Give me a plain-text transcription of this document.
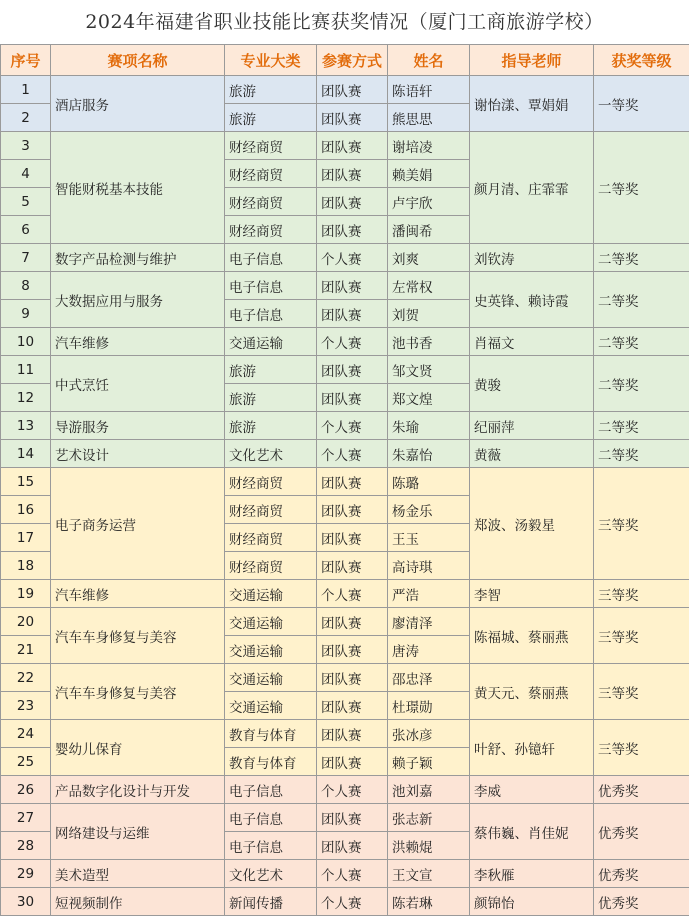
2024年福建省职业技能比赛获奖情况（厦门工商旅游学校）
序号	赛项名称	专业大类	参赛方式	姓名	指导老师	获奖等级
1	酒店服务	旅游	团队赛	陈语轩	谢怡漾、覃娟娟	一等奖
2		旅游	团队赛	熊思思		
3	智能财税基本技能	财经商贸	团队赛	谢培凌	颜月清、庄霏霏	二等奖
4		财经商贸	团队赛	赖美娟		
5		财经商贸	团队赛	卢宇欣		
6		财经商贸	团队赛	潘闽希		
7	数字产品检测与维护	电子信息	个人赛	刘爽	刘钦涛	二等奖
8	大数据应用与服务	电子信息	团队赛	左常权	史英锋、赖诗霞	二等奖
9		电子信息	团队赛	刘贺		
10	汽车维修	交通运输	个人赛	池书香	肖福文	二等奖
11	中式烹饪	旅游	团队赛	邹文贤	黄骏	二等奖
12		旅游	团队赛	郑文煌		
13	导游服务	旅游	个人赛	朱瑜	纪丽萍	二等奖
14	艺术设计	文化艺术	个人赛	朱嘉怡	黄薇	二等奖
15	电子商务运营	财经商贸	团队赛	陈璐	郑波、汤毅星	三等奖
16		财经商贸	团队赛	杨金乐		
17		财经商贸	团队赛	王玉		
18		财经商贸	团队赛	高诗琪		
19	汽车维修	交通运输	个人赛	严浩	李智	三等奖
20	汽车车身修复与美容	交通运输	团队赛	廖清泽	陈福城、蔡丽燕	三等奖
21		交通运输	团队赛	唐涛		
22	汽车车身修复与美容	交通运输	团队赛	邵忠泽	黄天元、蔡丽燕	三等奖
23		交通运输	团队赛	杜璟勋		
24	婴幼儿保育	教育与体育	团队赛	张冰彦	叶舒、孙镱轩	三等奖
25		教育与体育	团队赛	赖子颖		
26	产品数字化设计与开发	电子信息	个人赛	池刘嘉	李威	优秀奖
27	网络建设与运维	电子信息	团队赛	张志新	蔡伟巍、肖佳妮	优秀奖
28		电子信息	团队赛	洪赖焜		
29	美术造型	文化艺术	个人赛	王文宣	李秋雁	优秀奖
30	短视频制作	新闻传播	个人赛	陈若琳	颜锦怡	优秀奖
